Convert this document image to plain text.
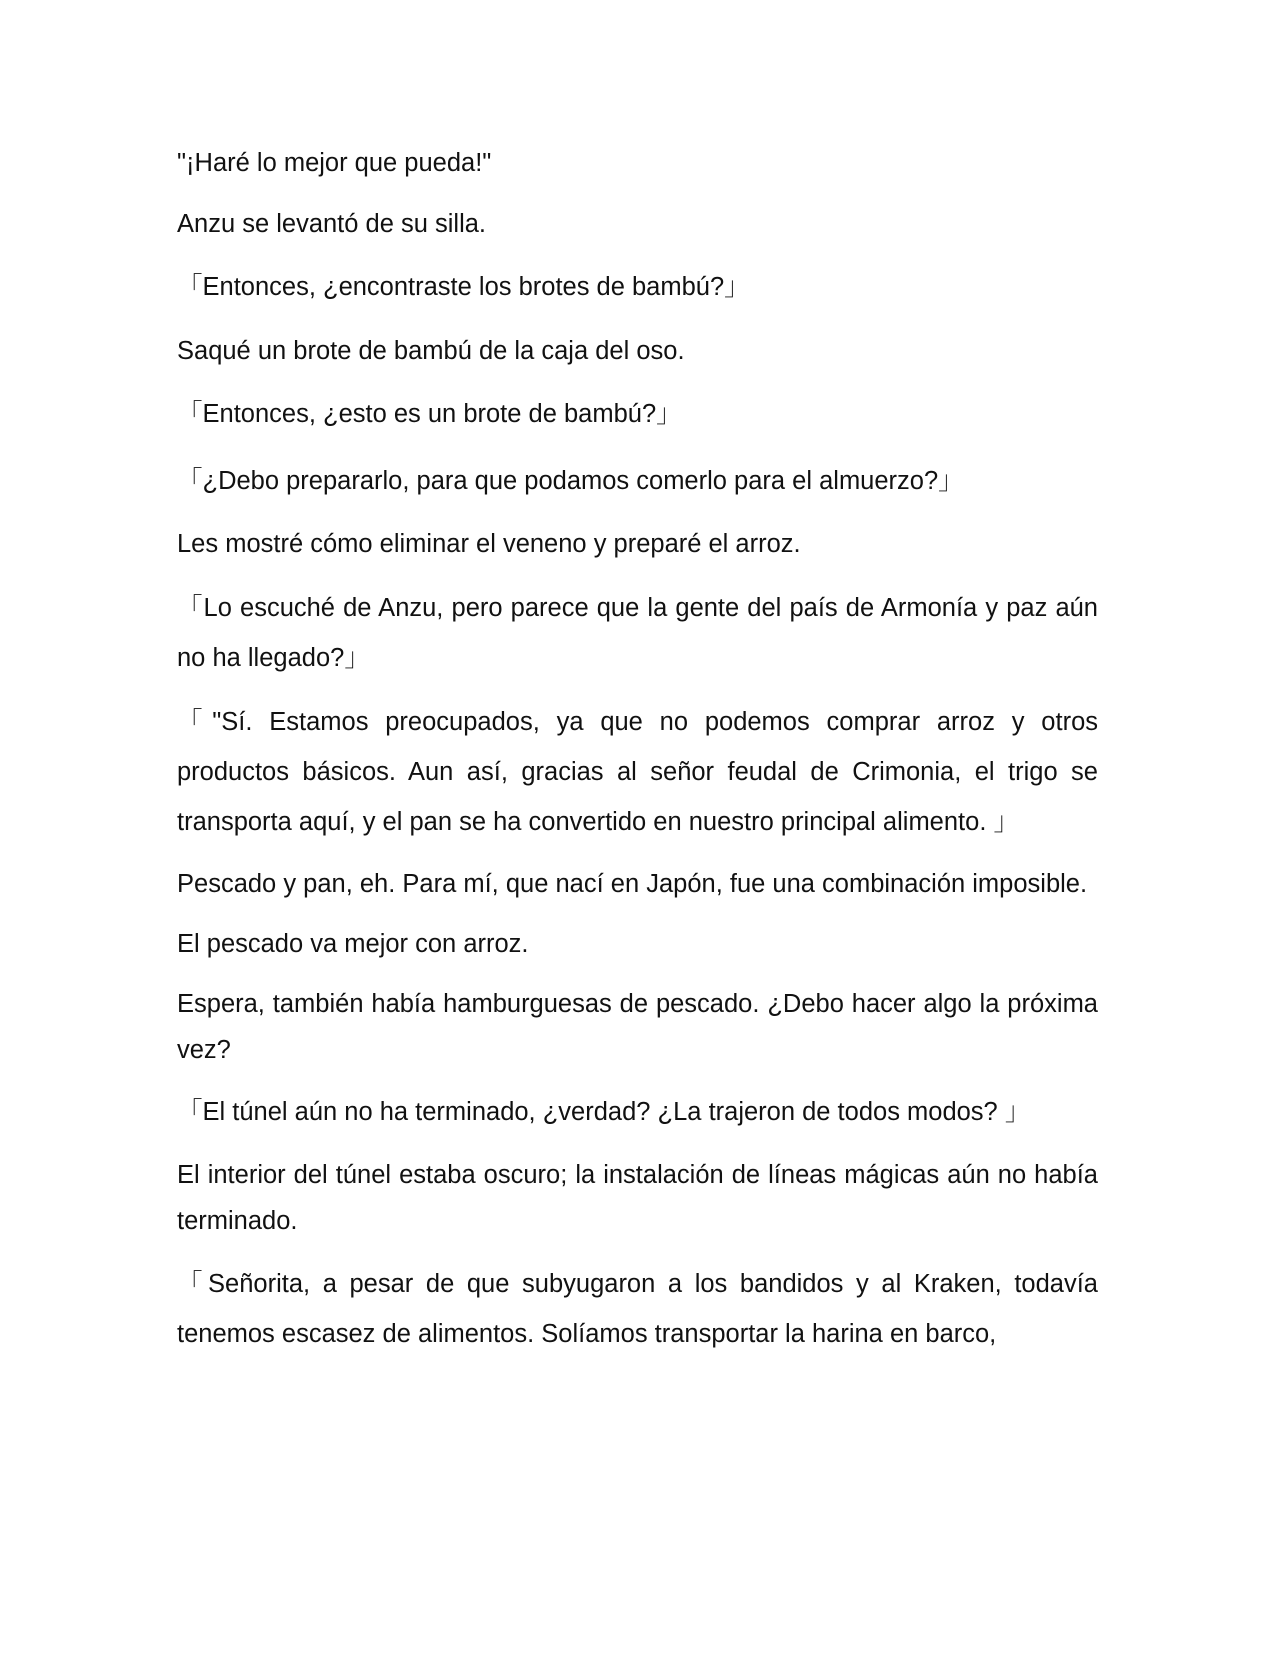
"¡Haré lo mejor que pueda!"

Anzu se levantó de su silla.

「Entonces, ¿encontraste los brotes de bambú?」

Saqué un brote de bambú de la caja del oso.

「Entonces, ¿esto es un brote de bambú?」

「¿Debo prepararlo, para que podamos comerlo para el almuerzo?」

Les mostré cómo eliminar el veneno y preparé el arroz.

「Lo escuché de Anzu, pero parece que la gente del país de Armonía y paz aún no ha llegado?」

「"Sí. Estamos preocupados, ya que no podemos comprar arroz y otros productos básicos. Aun así, gracias al señor feudal de Crimonia, el trigo se transporta aquí, y el pan se ha convertido en nuestro principal alimento. 」

Pescado y pan, eh. Para mí, que nací en Japón, fue una combinación imposible.

El pescado va mejor con arroz.

Espera, también había hamburguesas de pescado. ¿Debo hacer algo la próxima vez?

「El túnel aún no ha terminado, ¿verdad? ¿La trajeron de todos modos? 」

El interior del túnel estaba oscuro; la instalación de líneas mágicas aún no había terminado.

「Señorita, a pesar de que subyugaron a los bandidos y al Kraken, todavía tenemos escasez de alimentos. Solíamos transportar la harina en barco,
